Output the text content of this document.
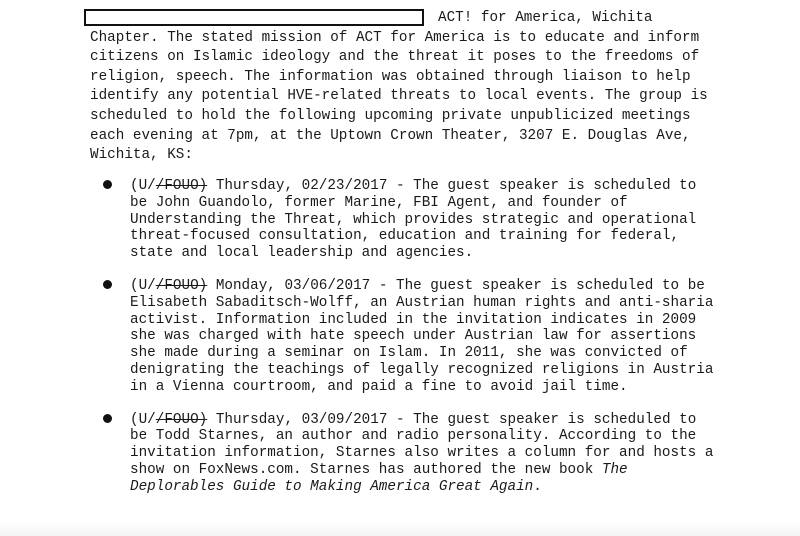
ACT! for America, Wichita
Chapter. The stated mission of ACT for America is to educate and inform citizens on Islamic ideology and the threat it poses to the freedoms of religion, speech. The information was obtained through liaison to help identify any potential HVE-related threats to local events. The group is scheduled to hold the following upcoming private unpublicized meetings each evening at 7pm, at the Uptown Crown Theater, 3207 E. Douglas Ave, Wichita, KS:

(U//FOUO) Thursday, 02/23/2017 - The guest speaker is scheduled to be John Guandolo, former Marine, FBI Agent, and founder of Understanding the Threat, which provides strategic and operational threat-focused consultation, education and training for federal, state and local leadership and agencies.

(U//FOUO) Monday, 03/06/2017 - The guest speaker is scheduled to be Elisabeth Sabaditsch-Wolff, an Austrian human rights and anti-sharia activist. Information included in the invitation indicates in 2009 she was charged with hate speech under Austrian law for assertions she made during a seminar on Islam. In 2011, she was convicted of denigrating the teachings of legally recognized religions in Austria in a Vienna courtroom, and paid a fine to avoid jail time.

(U//FOUO) Thursday, 03/09/2017 - The guest speaker is scheduled to be Todd Starnes, an author and radio personality. According to the invitation information, Starnes also writes a column for and hosts a show on FoxNews.com. Starnes has authored the new book The Deplorables Guide to Making America Great Again.
